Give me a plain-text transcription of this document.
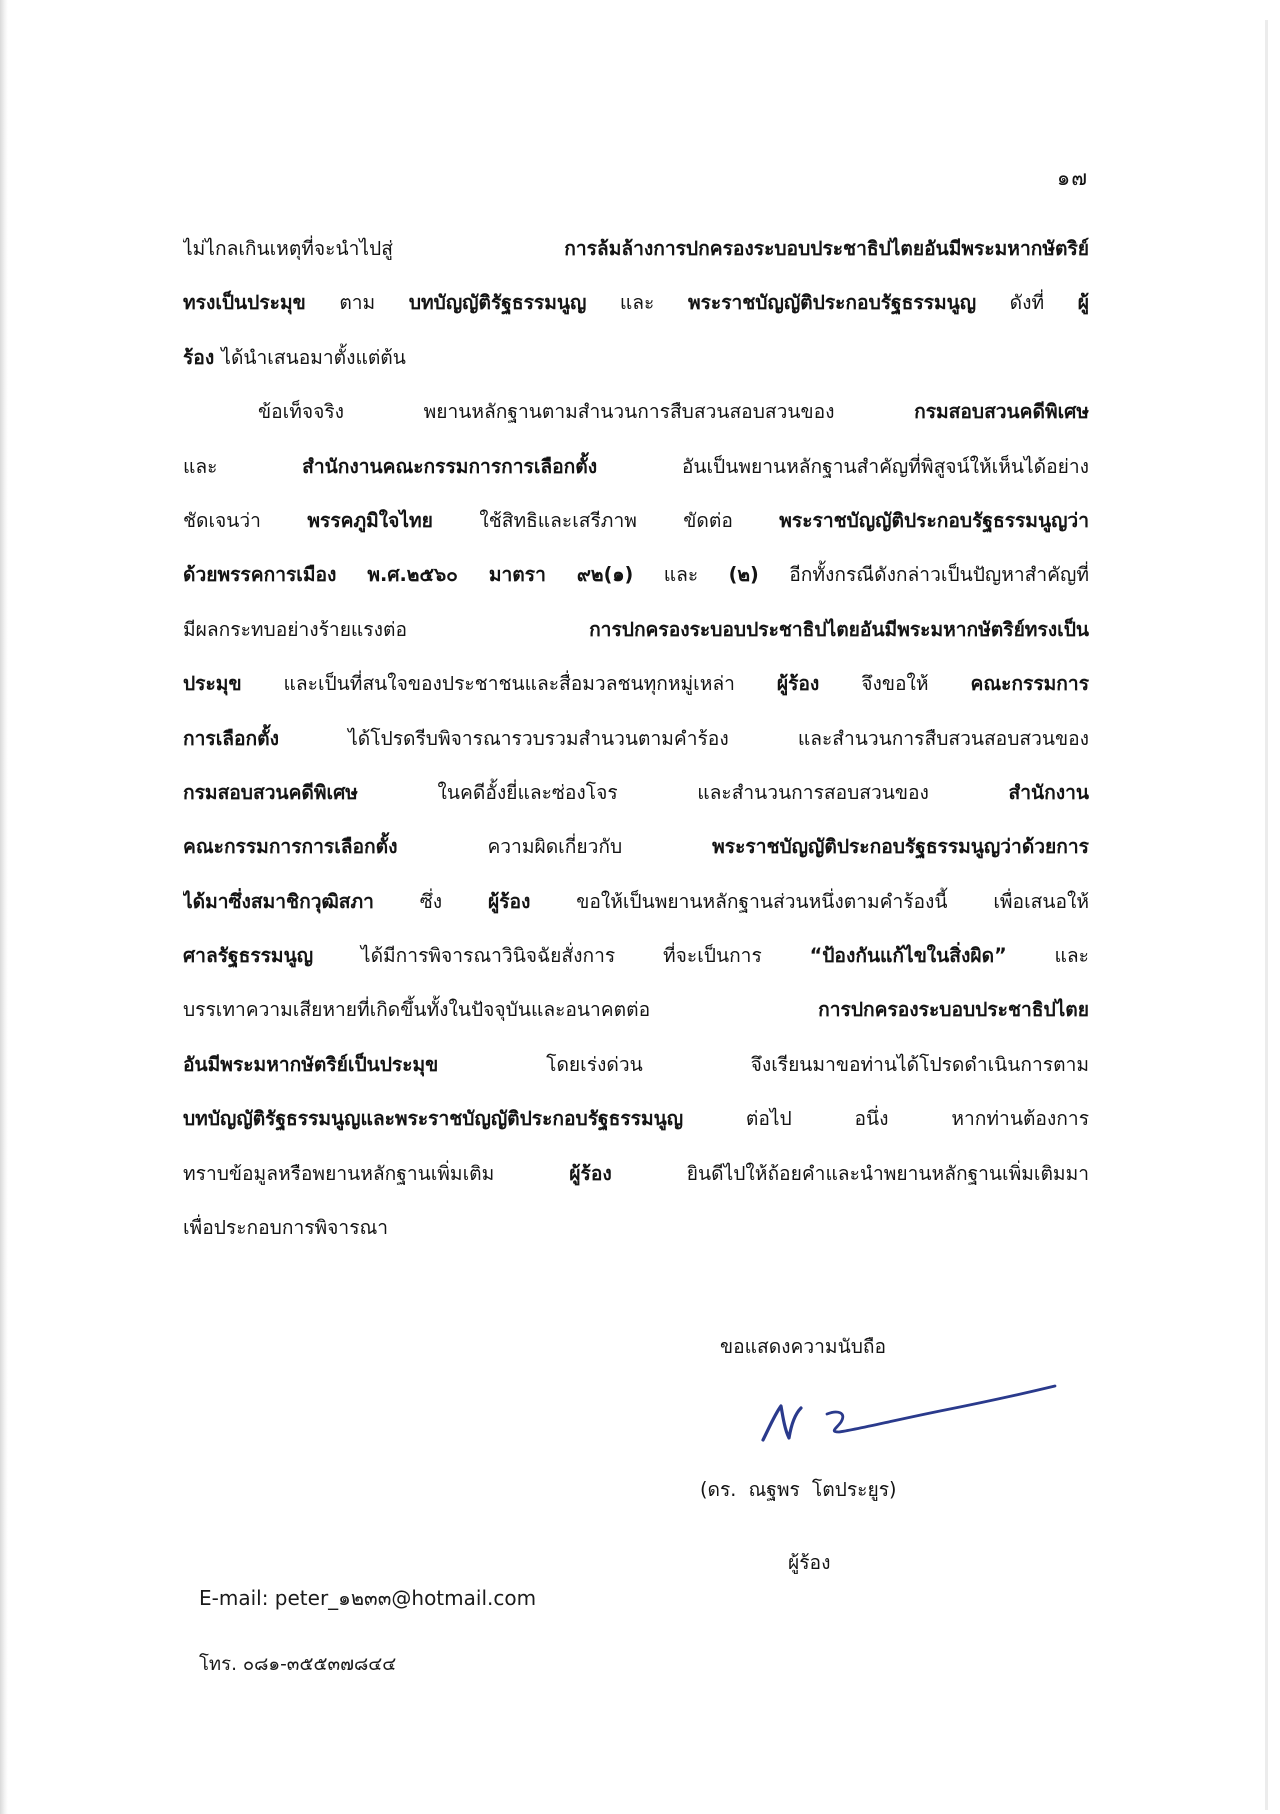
๑๗
ไม่ไกลเกินเหตุที่จะนำไปสู่ การล้มล้างการปกครองระบอบประชาธิปไตยอันมีพระมหากษัตริย์
ทรงเป็นประมุข ตาม บทบัญญัติรัฐธรรมนูญ และ พระราชบัญญัติประกอบรัฐธรรมนูญ ดังที่ ผู้
ร้อง ได้นำเสนอมาตั้งแต่ต้น
ข้อเท็จจริง พยานหลักฐานตามสำนวนการสืบสวนสอบสวนของ กรมสอบสวนคดีพิเศษ
และ สำนักงานคณะกรรมการการเลือกตั้ง อันเป็นพยานหลักฐานสำคัญที่พิสูจน์ให้เห็นได้อย่าง
ชัดเจนว่า พรรคภูมิใจไทย ใช้สิทธิและเสรีภาพ ขัดต่อ พระราชบัญญัติประกอบรัฐธรรมนูญว่า
ด้วยพรรคการเมือง พ.ศ.๒๕๖๐ มาตรา ๙๒(๑) และ (๒) อีกทั้งกรณีดังกล่าวเป็นปัญหาสำคัญที่
มีผลกระทบอย่างร้ายแรงต่อ การปกครองระบอบประชาธิปไตยอันมีพระมหากษัตริย์ทรงเป็น
ประมุข และเป็นที่สนใจของประชาชนและสื่อมวลชนทุกหมู่เหล่า ผู้ร้อง จึงขอให้ คณะกรรมการ
การเลือกตั้ง ได้โปรดรีบพิจารณารวบรวมสำนวนตามคำร้อง และสำนวนการสืบสวนสอบสวนของ
กรมสอบสวนคดีพิเศษ ในคดีอั้งยี่และซ่องโจร และสำนวนการสอบสวนของ สำนักงาน
คณะกรรมการการเลือกตั้ง ความผิดเกี่ยวกับ พระราชบัญญัติประกอบรัฐธรรมนูญว่าด้วยการ
ได้มาซึ่งสมาชิกวุฒิสภา ซึ่ง ผู้ร้อง ขอให้เป็นพยานหลักฐานส่วนหนึ่งตามคำร้องนี้ เพื่อเสนอให้
ศาลรัฐธรรมนูญ ได้มีการพิจารณาวินิจฉัยสั่งการ ที่จะเป็นการ “ป้องกันแก้ไขในสิ่งผิด” และ
บรรเทาความเสียหายที่เกิดขึ้นทั้งในปัจจุบันและอนาคตต่อ การปกครองระบอบประชาธิปไตย
อันมีพระมหากษัตริย์เป็นประมุข โดยเร่งด่วน จึงเรียนมาขอท่านได้โปรดดำเนินการตาม
บทบัญญัติรัฐธรรมนูญและพระราชบัญญัติประกอบรัฐธรรมนูญ ต่อไป อนึ่ง หากท่านต้องการ
ทราบข้อมูลหรือพยานหลักฐานเพิ่มเติม ผู้ร้อง ยินดีไปให้ถ้อยคำและนำพยานหลักฐานเพิ่มเติมมา
เพื่อประกอบการพิจารณา
ขอแสดงความนับถือ
(ดร. ณฐพร โตประยูร)
ผู้ร้อง
E-mail: peter_๑๒๓๓@hotmail.com
โทร. ๐๘๑-๓๕๕๓๗๘๔๔
